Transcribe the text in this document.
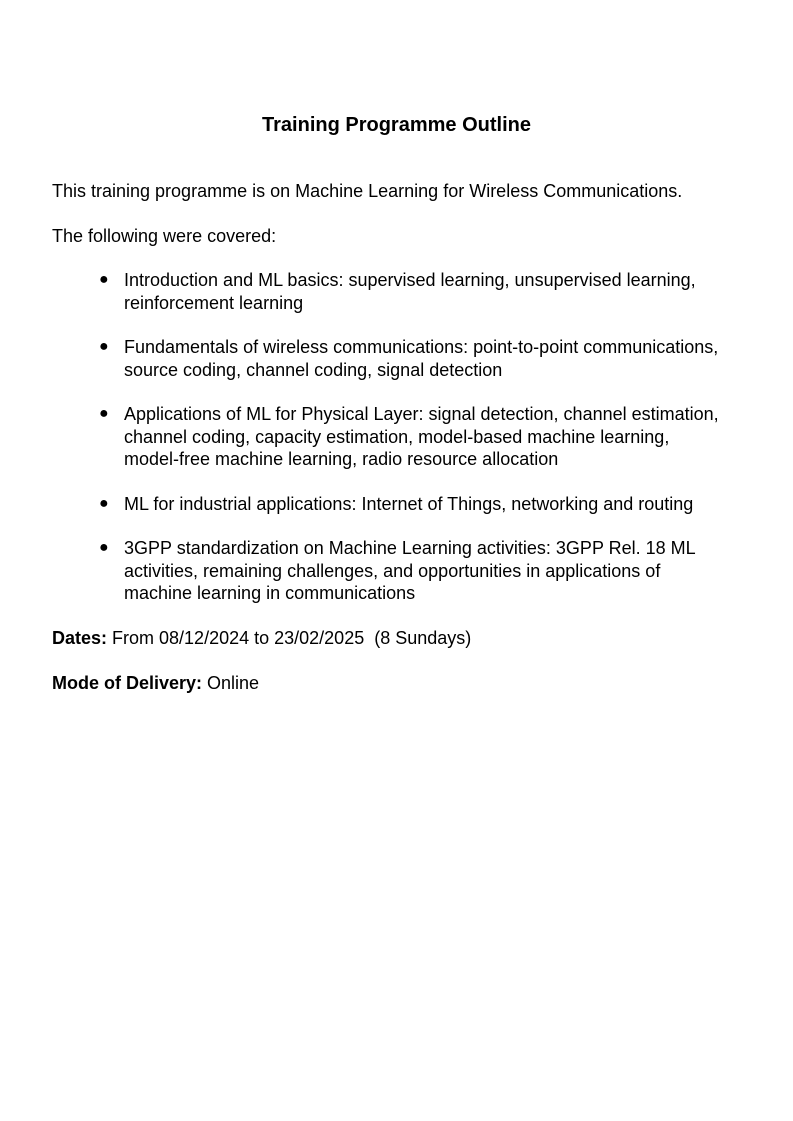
Training Programme Outline

This training programme is on Machine Learning for Wireless Communications.

The following were covered:

● Introduction and ML basics: supervised learning, unsupervised learning,
reinforcement learning
● Fundamentals of wireless communications: point-to-point communications,
source coding, channel coding, signal detection
● Applications of ML for Physical Layer: signal detection, channel estimation,
channel coding, capacity estimation, model-based machine learning,
model-free machine learning, radio resource allocation
● ML for industrial applications: Internet of Things, networking and routing
● 3GPP standardization on Machine Learning activities: 3GPP Rel. 18 ML
activities, remaining challenges, and opportunities in applications of
machine learning in communications

Dates: From 08/12/2024 to 23/02/2025  (8 Sundays)

Mode of Delivery: Online
